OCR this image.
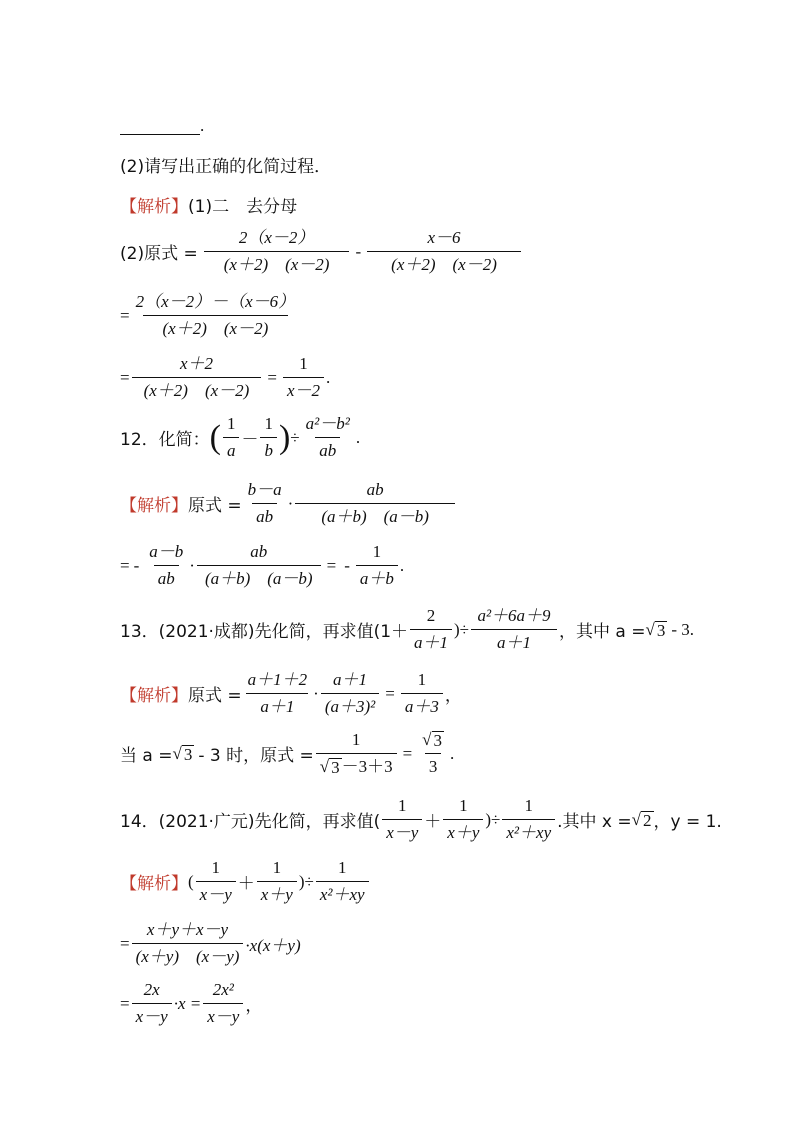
.
(2)请写出正确的化简过程．
【解析】 (1)二　去分母
(2)原式 = $\frac{2(x-2)}{(x+2) (x-2)} - \frac{x-6}{(x+2) (x-2)}$
= $\frac{2(x-2)-(x-6)}{(x+2) (x-2)}$
= $\frac{x+2}{(x+2) (x-2)} = \frac{1}{x-2}$ .
12．化简： ( $\frac{1}{a} - \frac{1}{b}$ ) ÷ $\frac{\text{a²－b²}}{ab}$ .
【解析】 原式 = $\frac{b-a}{ab} \cdot \frac{ab}{(a+b) (a-b)}$
= - $\frac{a-b}{ab} \cdot \frac{ab}{(a+b) (a-b)}$ = - $\frac{1}{a+b}$ .
13．(2021·成都)先化简，再求值($1+ \frac{2}{a+1}$ )÷ $\frac{\text{a²＋6a＋9}}{a+1}$ ，其中 a = √ 3 - 3.
【解析】 原式 = $\frac{a+1+2}{a+1} \cdot \frac{a+1}{\text{(a＋3)²}} = \frac{1}{a+3}$ ，
当 a = √ 3 - 3 时，原式 = $\frac{1}{√ 3 -3+3} = \frac{√ 3}{3}$ .
14．(2021·广元)先化简，再求值( $\frac{1}{x-y} + \frac{1}{x+y}$ )÷ $\frac{1}{\text{x²＋xy}}$ .其中 x = √ 2 ，y = 1.
【解析】 ( $\frac{1}{x-y} + \frac{1}{x+y}$ )÷ $\frac{1}{\text{x²＋xy}}$
= $\frac{x+y+x-y}{(x+y) (x-y)} \cdot x(x+y)$
= $\frac{2x}{x-y} \cdot x = \frac{\text{2x²}}{x-y}$ ，
